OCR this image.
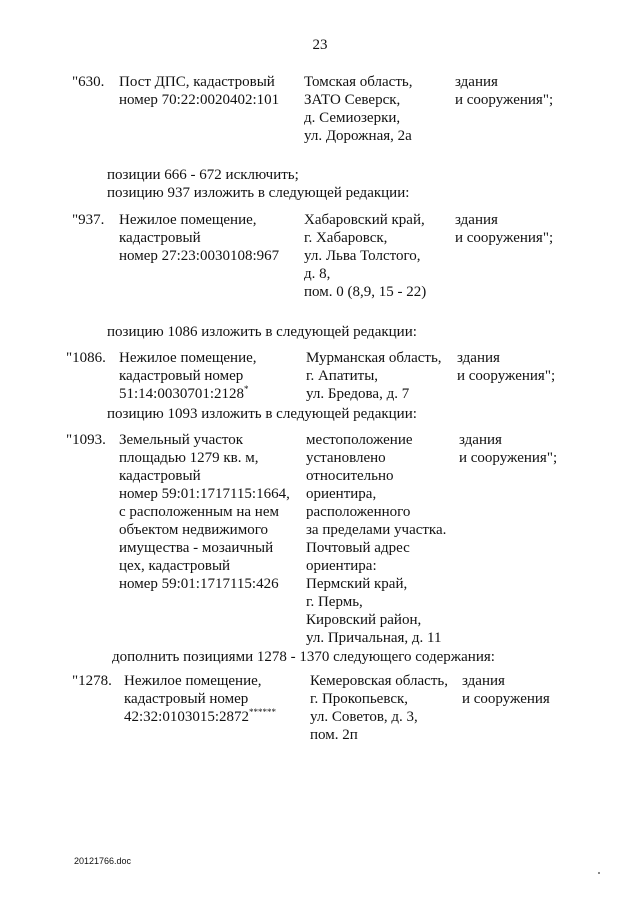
23
"630. Пост ДПС, кадастровый
номер 70:22:0020402:101
Томская область,
ЗАТО Северск,
д. Семиозерки,
ул. Дорожная, 2а
здания
и сооружения";
позиции 666 - 672 исключить;
позицию 937 изложить в следующей редакции:
"937. Нежилое помещение,
кадастровый
номер 27:23:0030108:967
Хабаровский край,
г. Хабаровск,
ул. Льва Толстого,
д. 8,
пом. 0 (8,9, 15 - 22)
здания
и сооружения";
позицию 1086 изложить в следующей редакции:
"1086. Нежилое помещение,
кадастровый номер
51:14:0030701:2128*
Мурманская область,
г. Апатиты,
ул. Бредова, д. 7
здания
и сооружения";
позицию 1093 изложить в следующей редакции:
"1093. Земельный участок
площадью 1279 кв. м,
кадастровый
номер 59:01:1717115:1664,
с расположенным на нем
объектом недвижимого
имущества - мозаичный
цех, кадастровый
номер 59:01:1717115:426
местоположение
установлено
относительно
ориентира,
расположенного
за пределами участка.
Почтовый адрес
ориентира:
Пермский край,
г. Пермь,
Кировский район,
ул. Причальная, д. 11
здания
и сооружения";
дополнить позициями 1278 - 1370 следующего содержания:
"1278. Нежилое помещение,
кадастровый номер
42:32:0103015:2872******
Кемеровская область,
г. Прокопьевск,
ул. Советов, д. 3,
пом. 2п
здания
и сооружения
20121766.doc
